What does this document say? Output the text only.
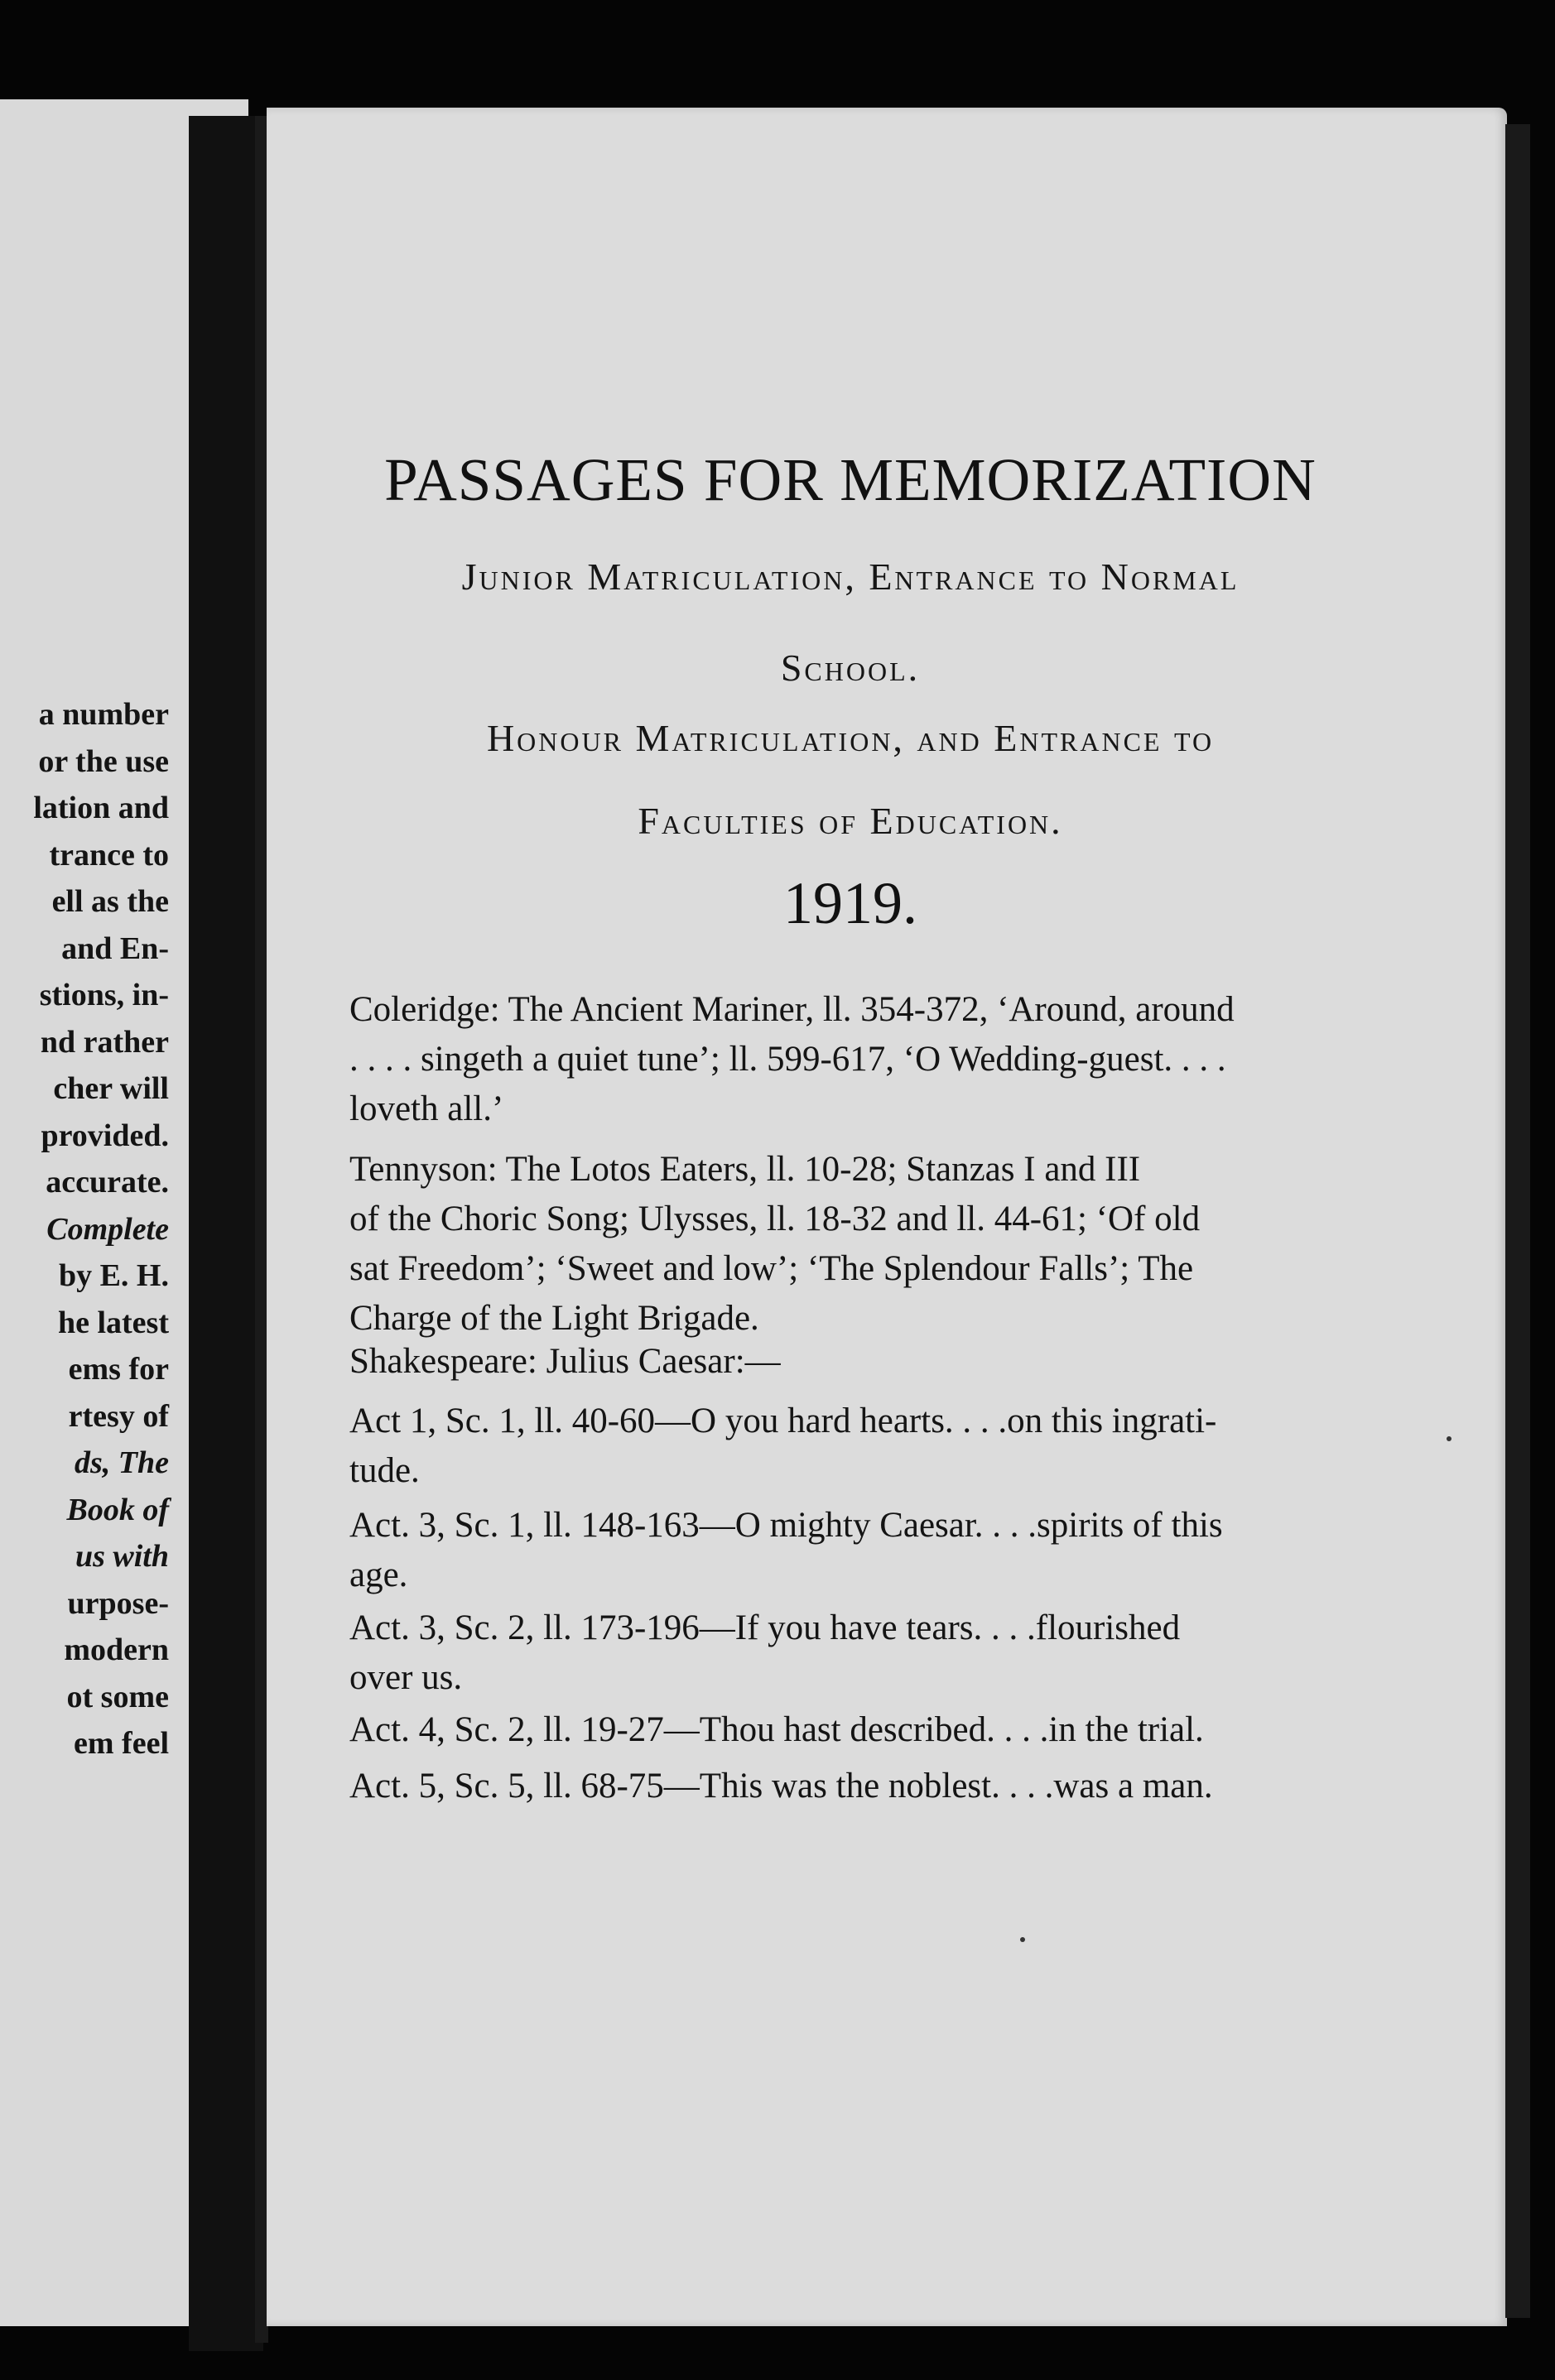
a number
or the use
lation and
trance to
ell as the
and En-
stions, in-
nd rather
cher will
provided.
accurate.
Complete
by E. H.
he latest
ems for
rtesy of
ds, The
Book of
us with
urpose-
modern
ot some
em feel
PASSAGES FOR MEMORIZATION
Junior Matriculation, Entrance to Normal
School.
Honour Matriculation, and Entrance to
Faculties of Education.
1919.
Coleridge: The Ancient Mariner, ll. 354-372, ‘Around, around
. . . . singeth a quiet tune’; ll. 599-617, ‘O Wedding-guest. . . .
loveth all.’
Tennyson: The Lotos Eaters, ll. 10-28; Stanzas I and III
of the Choric Song; Ulysses, ll. 18-32 and ll. 44-61; ‘Of old
sat Freedom’; ‘Sweet and low’; ‘The Splendour Falls’; The
Charge of the Light Brigade.
Shakespeare: Julius Caesar:—
Act 1, Sc. 1, ll. 40-60—O you hard hearts. . . .on this ingrati-
tude.
Act. 3, Sc. 1, ll. 148-163—O mighty Caesar. . . .spirits of this
age.
Act. 3, Sc. 2, ll. 173-196—If you have tears. . . .flourished
over us.
Act. 4, Sc. 2, ll. 19-27—Thou hast described. . . .in the trial.
Act. 5, Sc. 5, ll. 68-75—This was the noblest. . . .was a man.
